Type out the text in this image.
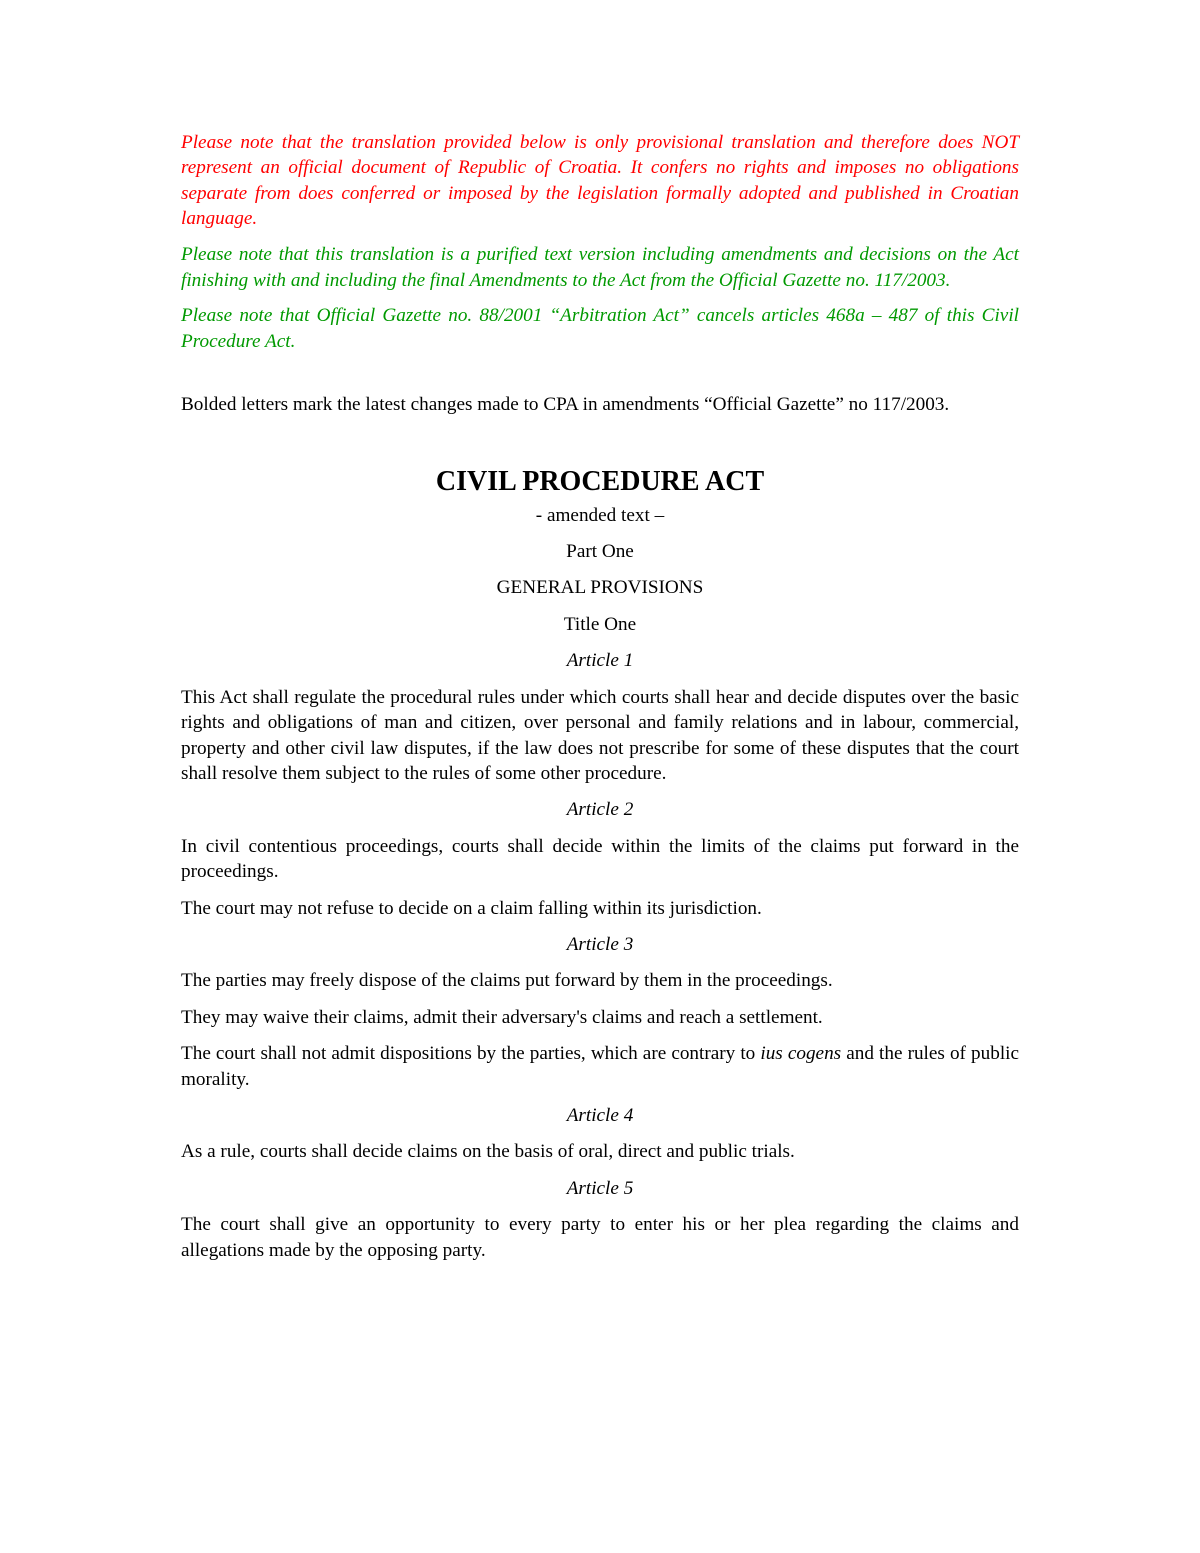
Please note that the translation provided below is only provisional translation and therefore does NOT represent an official document of Republic of Croatia. It confers no rights and imposes no obligations separate from does conferred or imposed by the legislation formally adopted and published in Croatian language.

Please note that this translation is a purified text version including amendments and decisions on the Act finishing with and including the final Amendments to the Act from the Official Gazette no. 117/2003.

Please note that Official Gazette no. 88/2001 “Arbitration Act” cancels articles 468a – 487 of this Civil Procedure Act.

Bolded letters mark the latest changes made to CPA in amendments “Official Gazette” no 117/2003.

CIVIL PROCEDURE ACT

- amended text –

Part One

GENERAL PROVISIONS

Title One

Article 1

This Act shall regulate the procedural rules under which courts shall hear and decide disputes over the basic rights and obligations of man and citizen, over personal and family relations and in labour, commercial, property and other civil law disputes, if the law does not prescribe for some of these disputes that the court shall resolve them subject to the rules of some other procedure.

Article 2

In civil contentious proceedings, courts shall decide within the limits of the claims put forward in the proceedings.

The court may not refuse to decide on a claim falling within its jurisdiction.

Article 3

The parties may freely dispose of the claims put forward by them in the proceedings.

They may waive their claims, admit their adversary's claims and reach a settlement.

The court shall not admit dispositions by the parties, which are contrary to ius cogens and the rules of public morality.

Article 4

As a rule, courts shall decide claims on the basis of oral, direct and public trials.

Article 5

The court shall give an opportunity to every party to enter his or her plea regarding the claims and allegations made by the opposing party.
